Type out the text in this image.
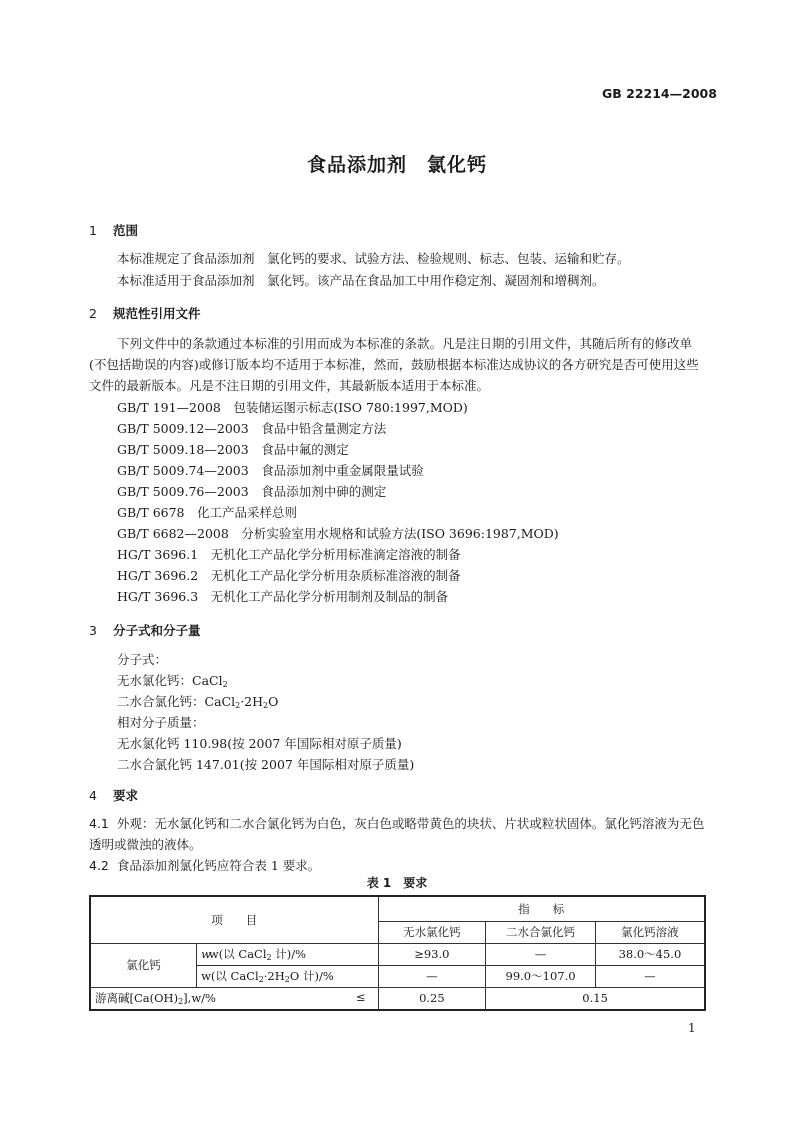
GB 22214—2008
食品添加剂　氯化钙
1 范围
本标准规定了食品添加剂　氯化钙的要求、试验方法、检验规则、标志、包装、运输和贮存。
本标准适用于食品添加剂　氯化钙。该产品在食品加工中用作稳定剂、凝固剂和增稠剂。
2 规范性引用文件
下列文件中的条款通过本标准的引用而成为本标准的条款。凡是注日期的引用文件，其随后所有的修改单(不包括勘误的内容)或修订版本均不适用于本标准，然而，鼓励根据本标准达成协议的各方研究是否可使用这些文件的最新版本。凡是不注日期的引用文件，其最新版本适用于本标准。
GB/T 191—2008　包装储运图示标志(ISO 780:1997,MOD)
GB/T 5009.12—2003　食品中铅含量测定方法
GB/T 5009.18—2003　食品中氟的测定
GB/T 5009.74—2003　食品添加剂中重金属限量试验
GB/T 5009.76—2003　食品添加剂中砷的测定
GB/T 6678　化工产品采样总则
GB/T 6682—2008　分析实验室用水规格和试验方法(ISO 3696:1987,MOD)
HG/T 3696.1　无机化工产品化学分析用标准滴定溶液的制备
HG/T 3696.2　无机化工产品化学分析用杂质标准溶液的制备
HG/T 3696.3　无机化工产品化学分析用制剂及制品的制备
3 分子式和分子量
分子式：
无水氯化钙：CaCl$_2$
二水合氯化钙：$CaCl_2\cdot 2H_2O$
相对分子质量：
无水氯化钙 110.98(按 2007 年国际相对原子质量)
二水合氯化钙 147.01(按 2007 年国际相对原子质量)
4 要求
4.1 外观：无水氯化钙和二水合氯化钙为白色，灰白色或略带黄色的块状、片状或粒状固体。氯化钙溶液为无色透明或微浊的液体。
4.2 食品添加剂氯化钙应符合表 1 要求。
表 1　要求
项　　目		指　　标		
		无水氯化钙	二水合氯化钙	氯化钙溶液
氯化钙	ww(以 CaCl$_2$ 计)/%	≥93.0	—	38.0～45.0
	w(以 $CaCl_2\cdot 2H_2O$ 计)/%	—	99.0～107.0	—
游离碱$[Ca(OH)_2],w/\%$ ≤		0.25	0.15	
1
